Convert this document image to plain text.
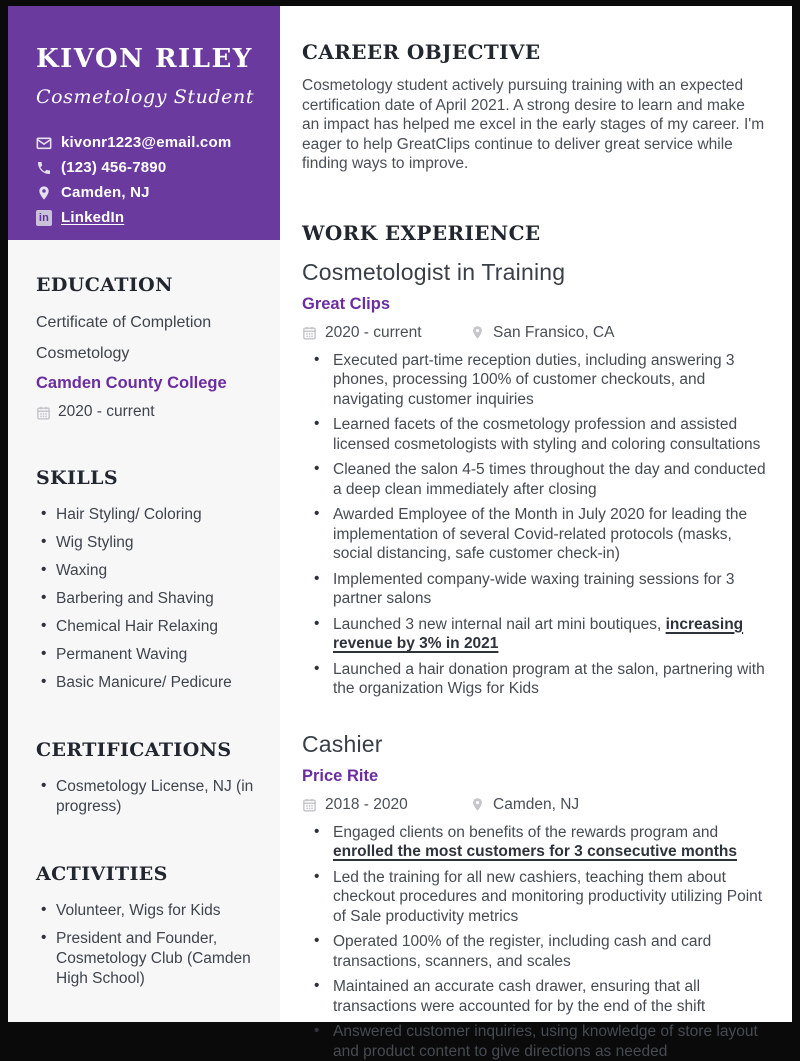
KIVON RILEY
Cosmetology Student
kivonr1223@email.com
(123) 456-7890
Camden, NJ
in
LinkedIn
EDUCATION

Certificate of Completion

Cosmetology

Camden County College

2020 - current
SKILLS
• Hair Styling/ Coloring
• Wig Styling
• Waxing
• Barbering and Shaving
• Chemical Hair Relaxing
• Permanent Waving
• Basic Manicure/ Pedicure
CERTIFICATIONS
• Cosmetology License, NJ (in progress)
ACTIVITIES
• Volunteer, Wigs for Kids
• President and Founder, Cosmetology Club (Camden High School)
CAREER OBJECTIVE

Cosmetology student actively pursuing training with an expected certification date of April 2021. A strong desire to learn and make an impact has helped me excel in the early stages of my career. I'm eager to help GreatClips continue to deliver great service while finding ways to improve.

WORK EXPERIENCE
Cosmetologist in Training
Great Clips
2020 - current	San Fransico, CA
• Executed part-time reception duties, including answering 3 phones, processing 100% of customer checkouts, and navigating customer inquiries
• Learned facets of the cosmetology profession and assisted licensed cosmetologists with styling and coloring consultations
• Cleaned the salon 4-5 times throughout the day and conducted a deep clean immediately after closing
• Awarded Employee of the Month in July 2020 for leading the implementation of several Covid-related protocols (masks, social distancing, safe customer check-in)
• Implemented company-wide waxing training sessions for 3 partner salons
• Launched 3 new internal nail art mini boutiques, increasing revenue by 3% in 2021
• Launched a hair donation program at the salon, partnering with the organization Wigs for Kids
Cashier
Price Rite
2018 - 2020	Camden, NJ
• Engaged clients on benefits of the rewards program and enrolled the most customers for 3 consecutive months
• Led the training for all new cashiers, teaching them about checkout procedures and monitoring productivity utilizing Point of Sale productivity metrics
• Operated 100% of the register, including cash and card transactions, scanners, and scales
• Maintained an accurate cash drawer, ensuring that all transactions were accounted for by the end of the shift
• Answered customer inquiries, using knowledge of store layout and product content to give directions as needed
